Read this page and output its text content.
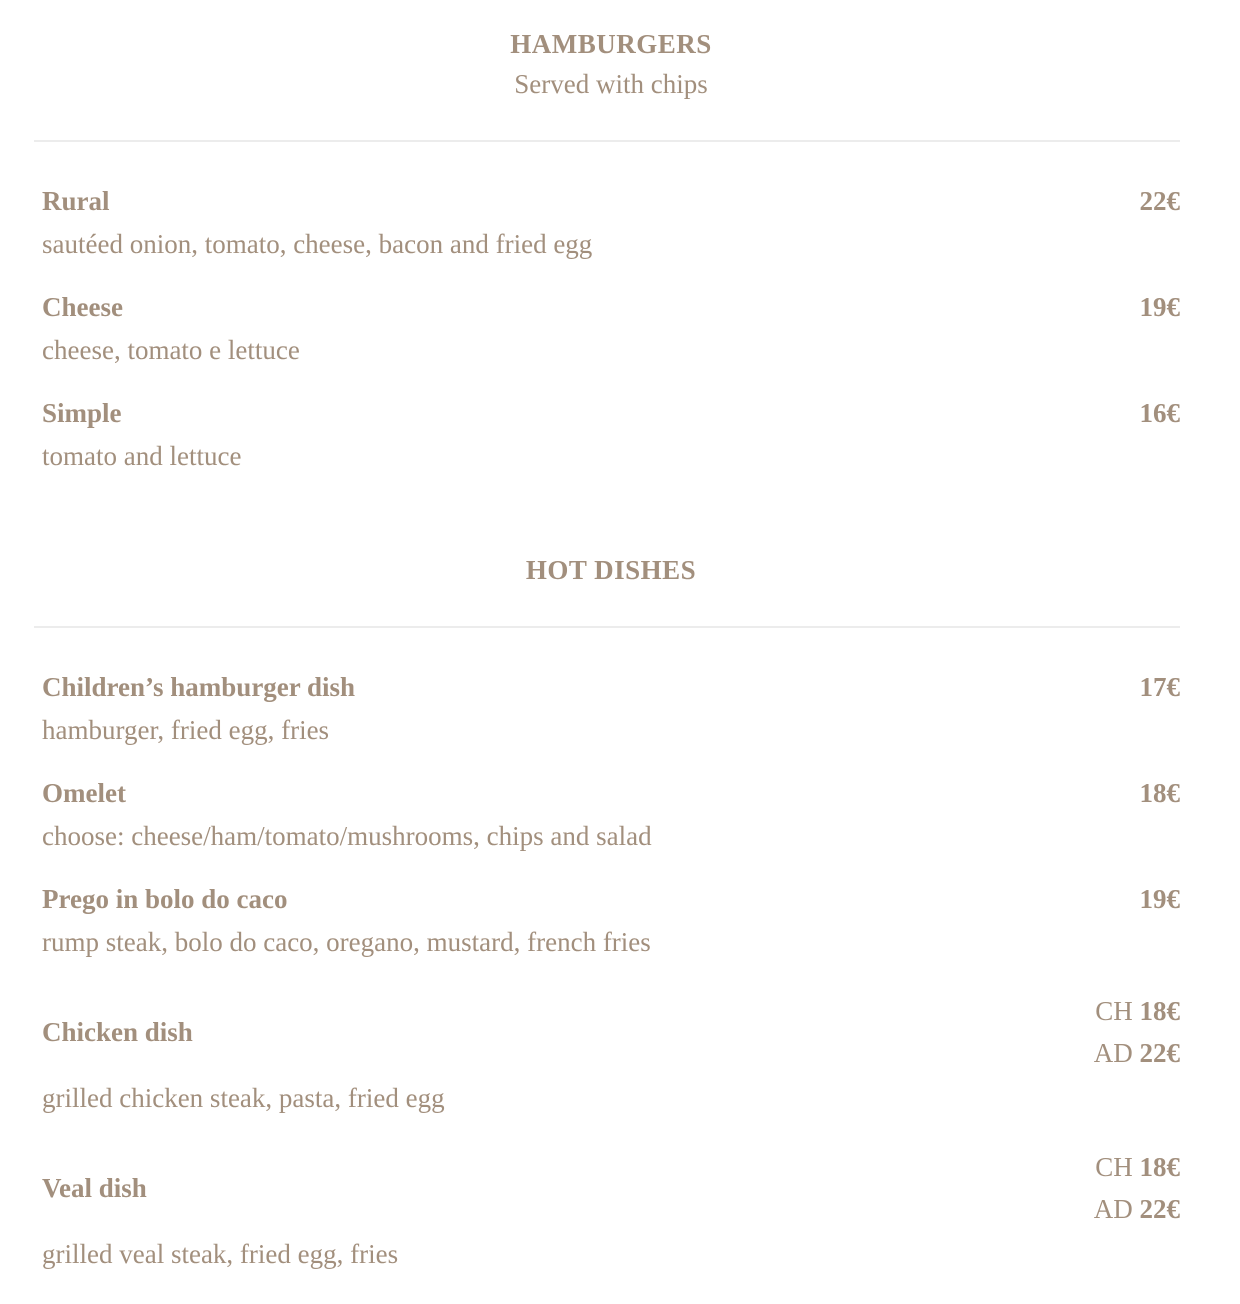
HAMBURGERS

Served with chips

Rural	22€

sautéed onion, tomato, cheese, bacon and fried egg

Cheese	19€

cheese, tomato e lettuce

Simple	16€

tomato and lettuce

HOT DISHES
Children’s hamburger dish	17€

hamburger, fried egg, fries

Omelet	18€

choose: cheese/ham/tomato/mushrooms, chips and salad

Prego in bolo do caco	19€

rump steak, bolo do caco, oregano, mustard, french fries

Chicken dish
CH 18€
AD 22€

grilled chicken steak, pasta, fried egg

Veal dish
CH 18€
AD 22€

grilled veal steak, fried egg, fries
